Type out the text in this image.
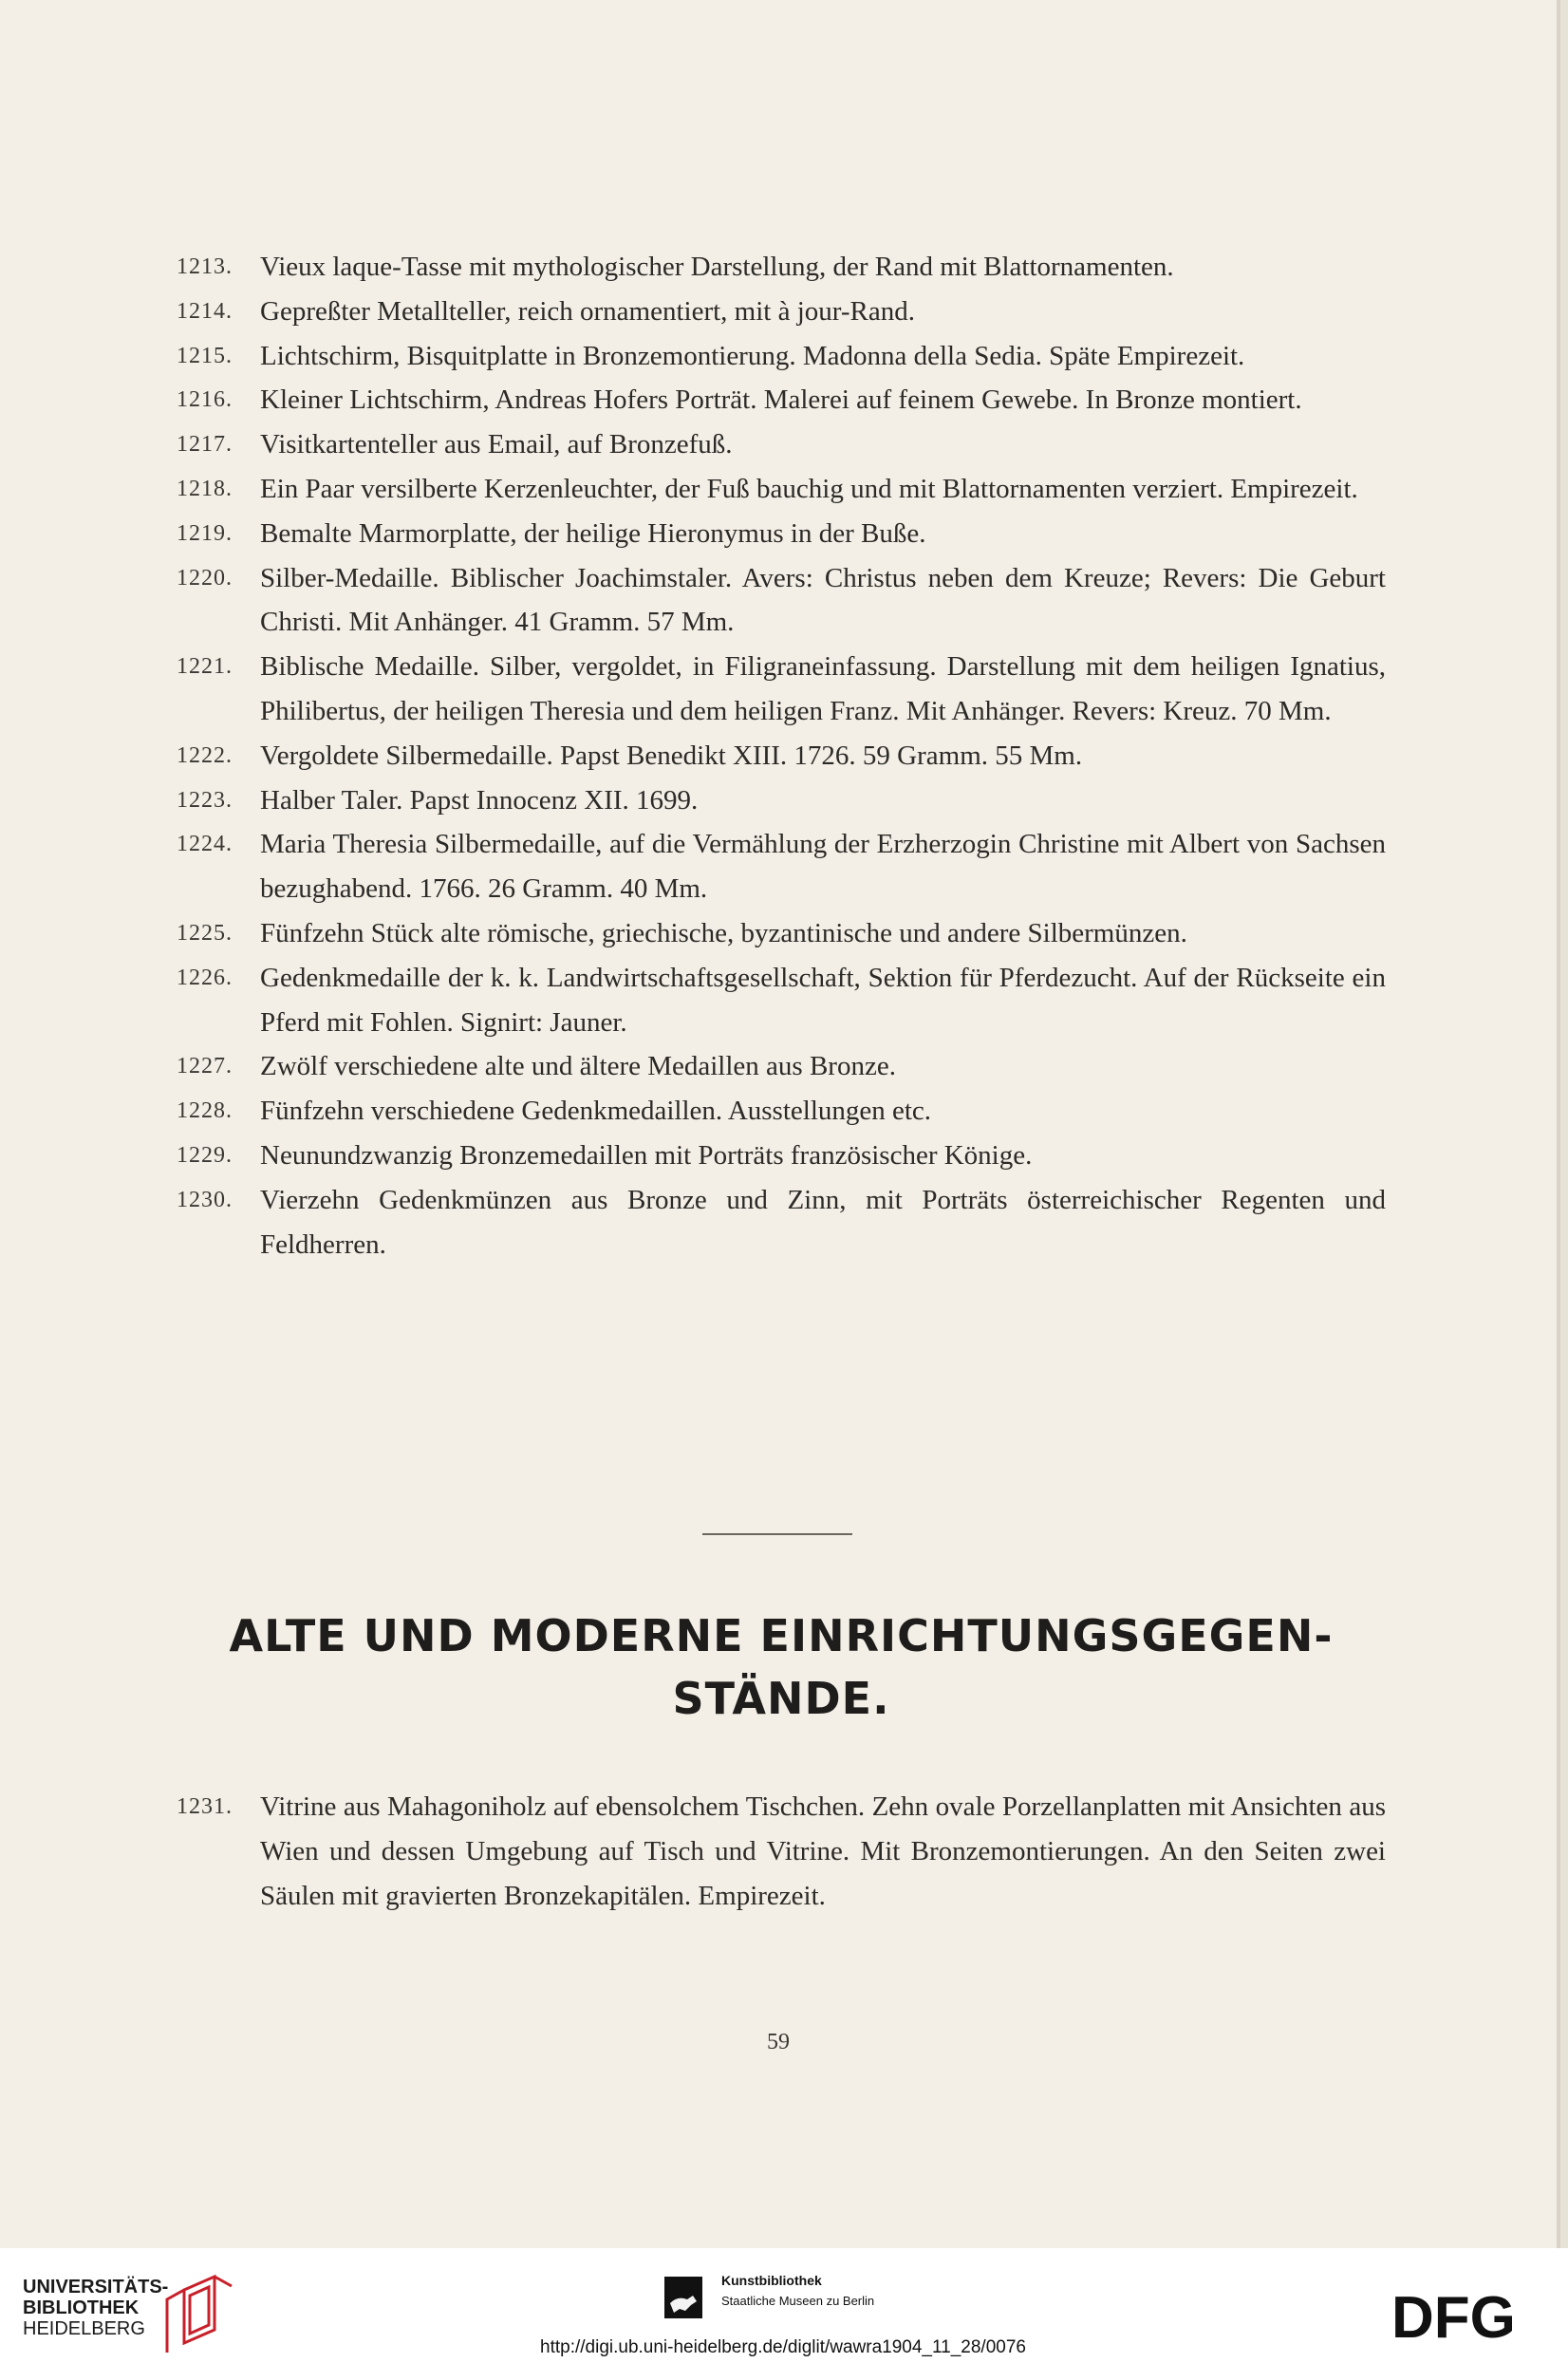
1213.	Vieux laque-Tasse mit mythologischer Darstellung, der Rand mit Blattornamenten.
1214.	Gepreßter Metallteller, reich ornamentiert, mit à jour-Rand.
1215.	Lichtschirm, Bisquitplatte in Bronzemontierung. Madonna della Sedia. Späte Empirezeit.
1216.	Kleiner Lichtschirm, Andreas Hofers Porträt. Malerei auf feinem Gewebe. In Bronze montiert.
1217.	Visitkartenteller aus Email, auf Bronzefuß.
1218.	Ein Paar versilberte Kerzenleuchter, der Fuß bauchig und mit Blattornamenten verziert. Empirezeit.
1219.	Bemalte Marmorplatte, der heilige Hieronymus in der Buße.
1220.	Silber-Medaille. Biblischer Joachimstaler. Avers: Christus neben dem Kreuze; Revers: Die Geburt Christi. Mit Anhänger. 41 Gramm. 57 Mm.
1221.	Biblische Medaille. Silber, vergoldet, in Filigraneinfassung. Darstellung mit dem heiligen Ignatius, Philibertus, der heiligen Theresia und dem heiligen Franz. Mit Anhänger. Revers: Kreuz. 70 Mm.
1222.	Vergoldete Silbermedaille. Papst Benedikt XIII. 1726. 59 Gramm. 55 Mm.
1223.	Halber Taler. Papst Innocenz XII. 1699.
1224.	Maria Theresia Silbermedaille, auf die Vermählung der Erzherzogin Christine mit Albert von Sachsen bezughabend. 1766. 26 Gramm. 40 Mm.
1225.	Fünfzehn Stück alte römische, griechische, byzantinische und andere Silbermünzen.
1226.	Gedenkmedaille der k. k. Landwirtschaftsgesellschaft, Sektion für Pferdezucht. Auf der Rückseite ein Pferd mit Fohlen. Signirt: Jauner.
1227.	Zwölf verschiedene alte und ältere Medaillen aus Bronze.
1228.	Fünfzehn verschiedene Gedenkmedaillen. Ausstellungen etc.
1229.	Neunundzwanzig Bronzemedaillen mit Porträts französischer Könige.
1230.	Vierzehn Gedenkmünzen aus Bronze und Zinn, mit Porträts österreichischer Regenten und Feldherren.
ALTE UND MODERNE EINRICHTUNGSGEGEN-
STÄNDE.
1231.	Vitrine aus Mahagoniholz auf ebensolchem Tischchen. Zehn ovale Porzellanplatten mit Ansichten aus Wien und dessen Umgebung auf Tisch und Vitrine. Mit Bronzemontierungen. An den Seiten zwei Säulen mit gravierten Bronzekapitälen. Empirezeit.
59
UNIVERSITÄTS-
BIBLIOTHEK
HEIDELBERG
Kunstbibliothek
Staatliche Museen zu Berlin
http://digi.ub.uni-heidelberg.de/diglit/wawra1904_11_28/0076	DFG
